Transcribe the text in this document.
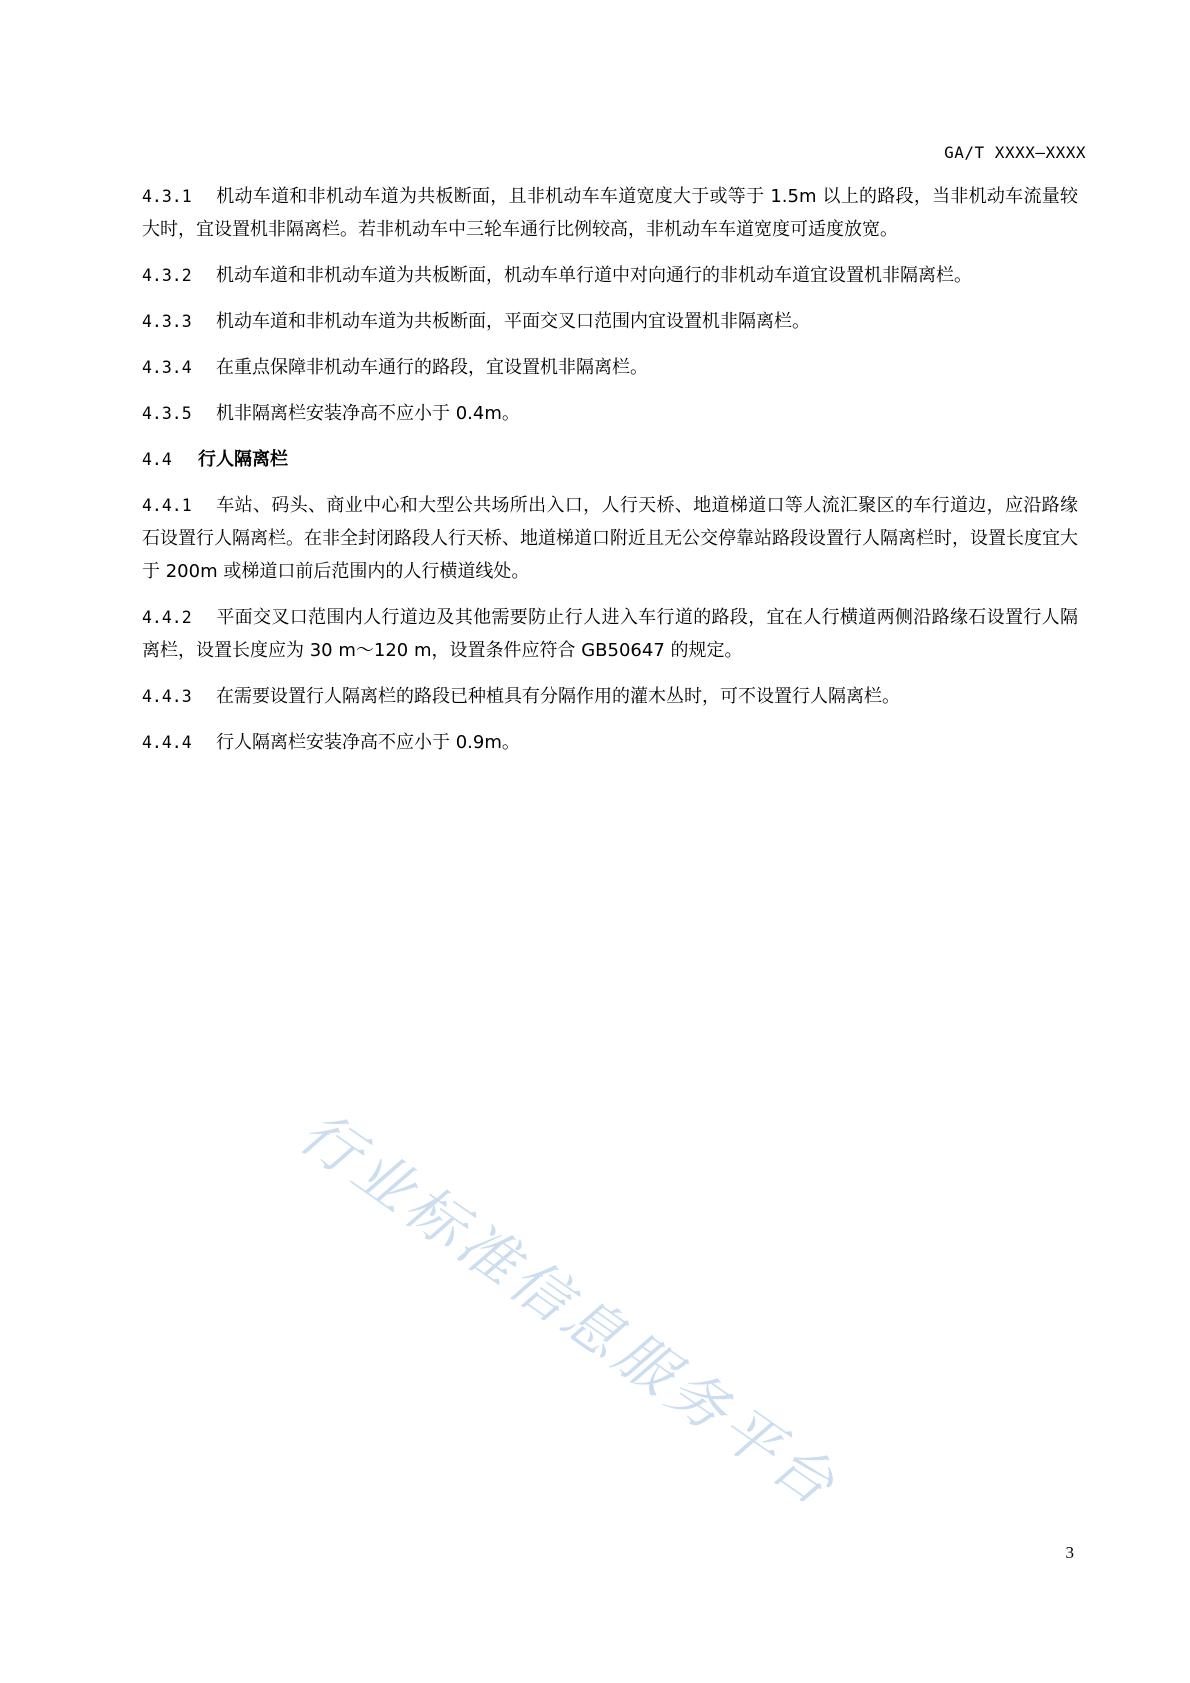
GA/T XXXX—XXXX

4.3.1 机动车道和非机动车道为共板断面，且非机动车车道宽度大于或等于 1.5m 以上的路段，当非机动车流量较大时，宜设置机非隔离栏。若非机动车中三轮车通行比例较高，非机动车车道宽度可适度放宽。

4.3.2 机动车道和非机动车道为共板断面，机动车单行道中对向通行的非机动车道宜设置机非隔离栏。

4.3.3 机动车道和非机动车道为共板断面，平面交叉口范围内宜设置机非隔离栏。

4.3.4 在重点保障非机动车通行的路段，宜设置机非隔离栏。

4.3.5 机非隔离栏安装净高不应小于 0.4m。

4.4 行人隔离栏

4.4.1 车站、码头、商业中心和大型公共场所出入口，人行天桥、地道梯道口等人流汇聚区的车行道边，应沿路缘石设置行人隔离栏。在非全封闭路段人行天桥、地道梯道口附近且无公交停靠站路段设置行人隔离栏时，设置长度宜大于 200m 或梯道口前后范围内的人行横道线处。

4.4.2 平面交叉口范围内人行道边及其他需要防止行人进入车行道的路段，宜在人行横道两侧沿路缘石设置行人隔离栏，设置长度应为 30 m～120 m，设置条件应符合 GB50647 的规定。

4.4.3 在需要设置行人隔离栏的路段已种植具有分隔作用的灌木丛时，可不设置行人隔离栏。

4.4.4 行人隔离栏安装净高不应小于 0.9m。

行业标准信息服务平台
3
